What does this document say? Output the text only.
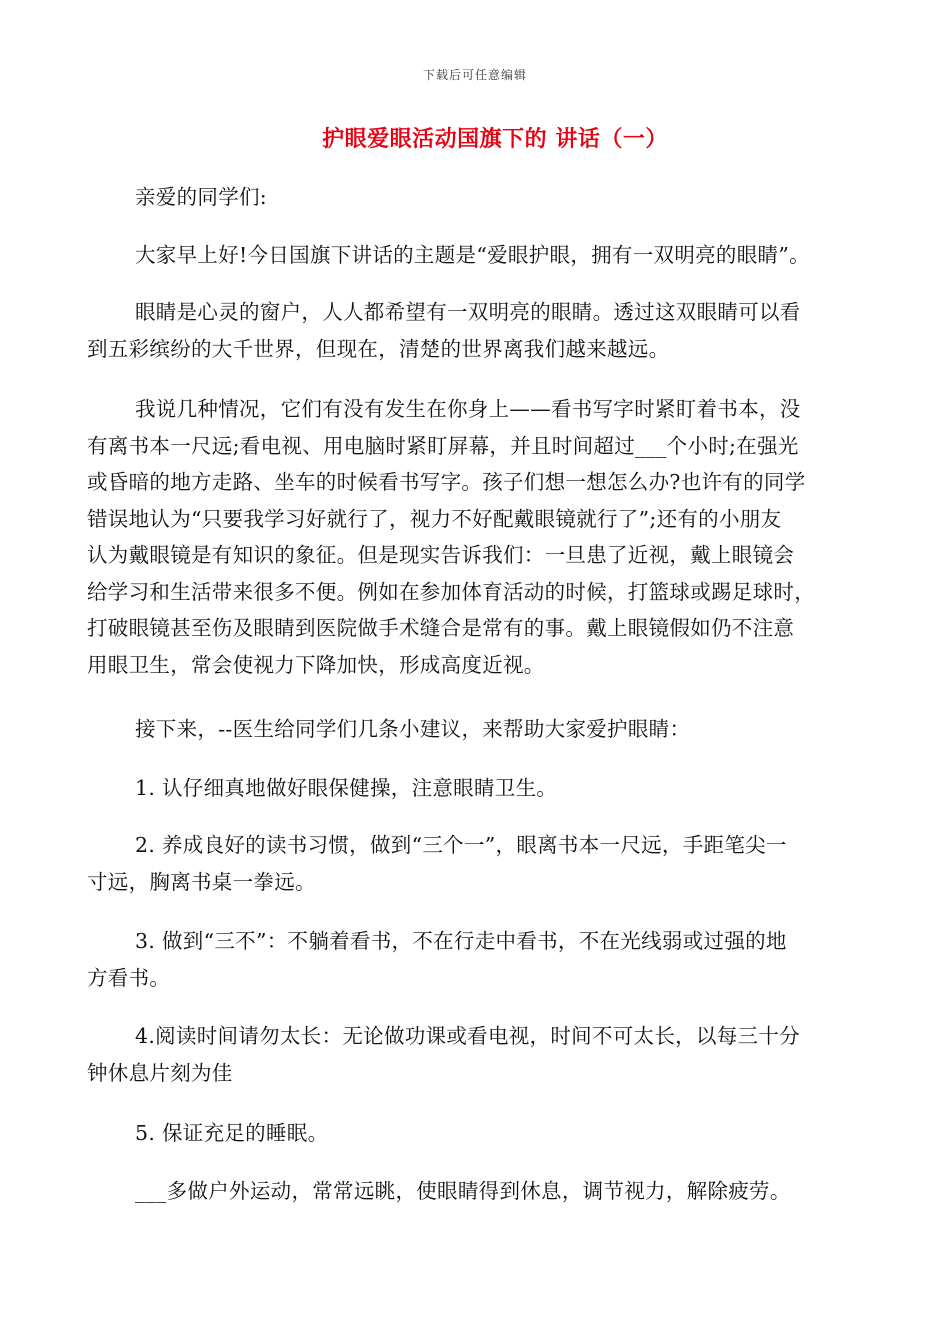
下载后可任意编辑
护眼爱眼活动国旗下的 讲话（一）
亲爱的同学们:
大家早上好!今日国旗下讲话的主题是“爱眼护眼，拥有一双明亮的眼睛”。
眼睛是心灵的窗户，人人都希望有一双明亮的眼睛。透过这双眼睛可以看
到五彩缤纷的大千世界，但现在，清楚的世界离我们越来越远。
我说几种情况，它们有没有发生在你身上——看书写字时紧盯着书本，没
有离书本一尺远;看电视、用电脑时紧盯屏幕，并且时间超过___个小时;在强光
或昏暗的地方走路、坐车的时候看书写字。孩子们想一想怎么办?也许有的同学
错误地认为“只要我学习好就行了，视力不好配戴眼镜就行了”;还有的小朋友
认为戴眼镜是有知识的象征。但是现实告诉我们：一旦患了近视，戴上眼镜会
给学习和生活带来很多不便。例如在参加体育活动的时候，打篮球或踢足球时，
打破眼镜甚至伤及眼睛到医院做手术缝合是常有的事。戴上眼镜假如仍不注意
用眼卫生，常会使视力下降加快，形成高度近视。
接下来，--医生给同学们几条小建议，来帮助大家爱护眼睛：
1. 认仔细真地做好眼保健操，注意眼睛卫生。
2. 养成良好的读书习惯，做到“三个一”，眼离书本一尺远，手距笔尖一
寸远，胸离书桌一拳远。
3. 做到“三不”：不躺着看书，不在行走中看书，不在光线弱或过强的地
方看书。
4.阅读时间请勿太长：无论做功课或看电视，时间不可太长，以每三十分
钟休息片刻为佳
5. 保证充足的睡眠。
___多做户外运动，常常远眺，使眼睛得到休息，调节视力，解除疲劳。
